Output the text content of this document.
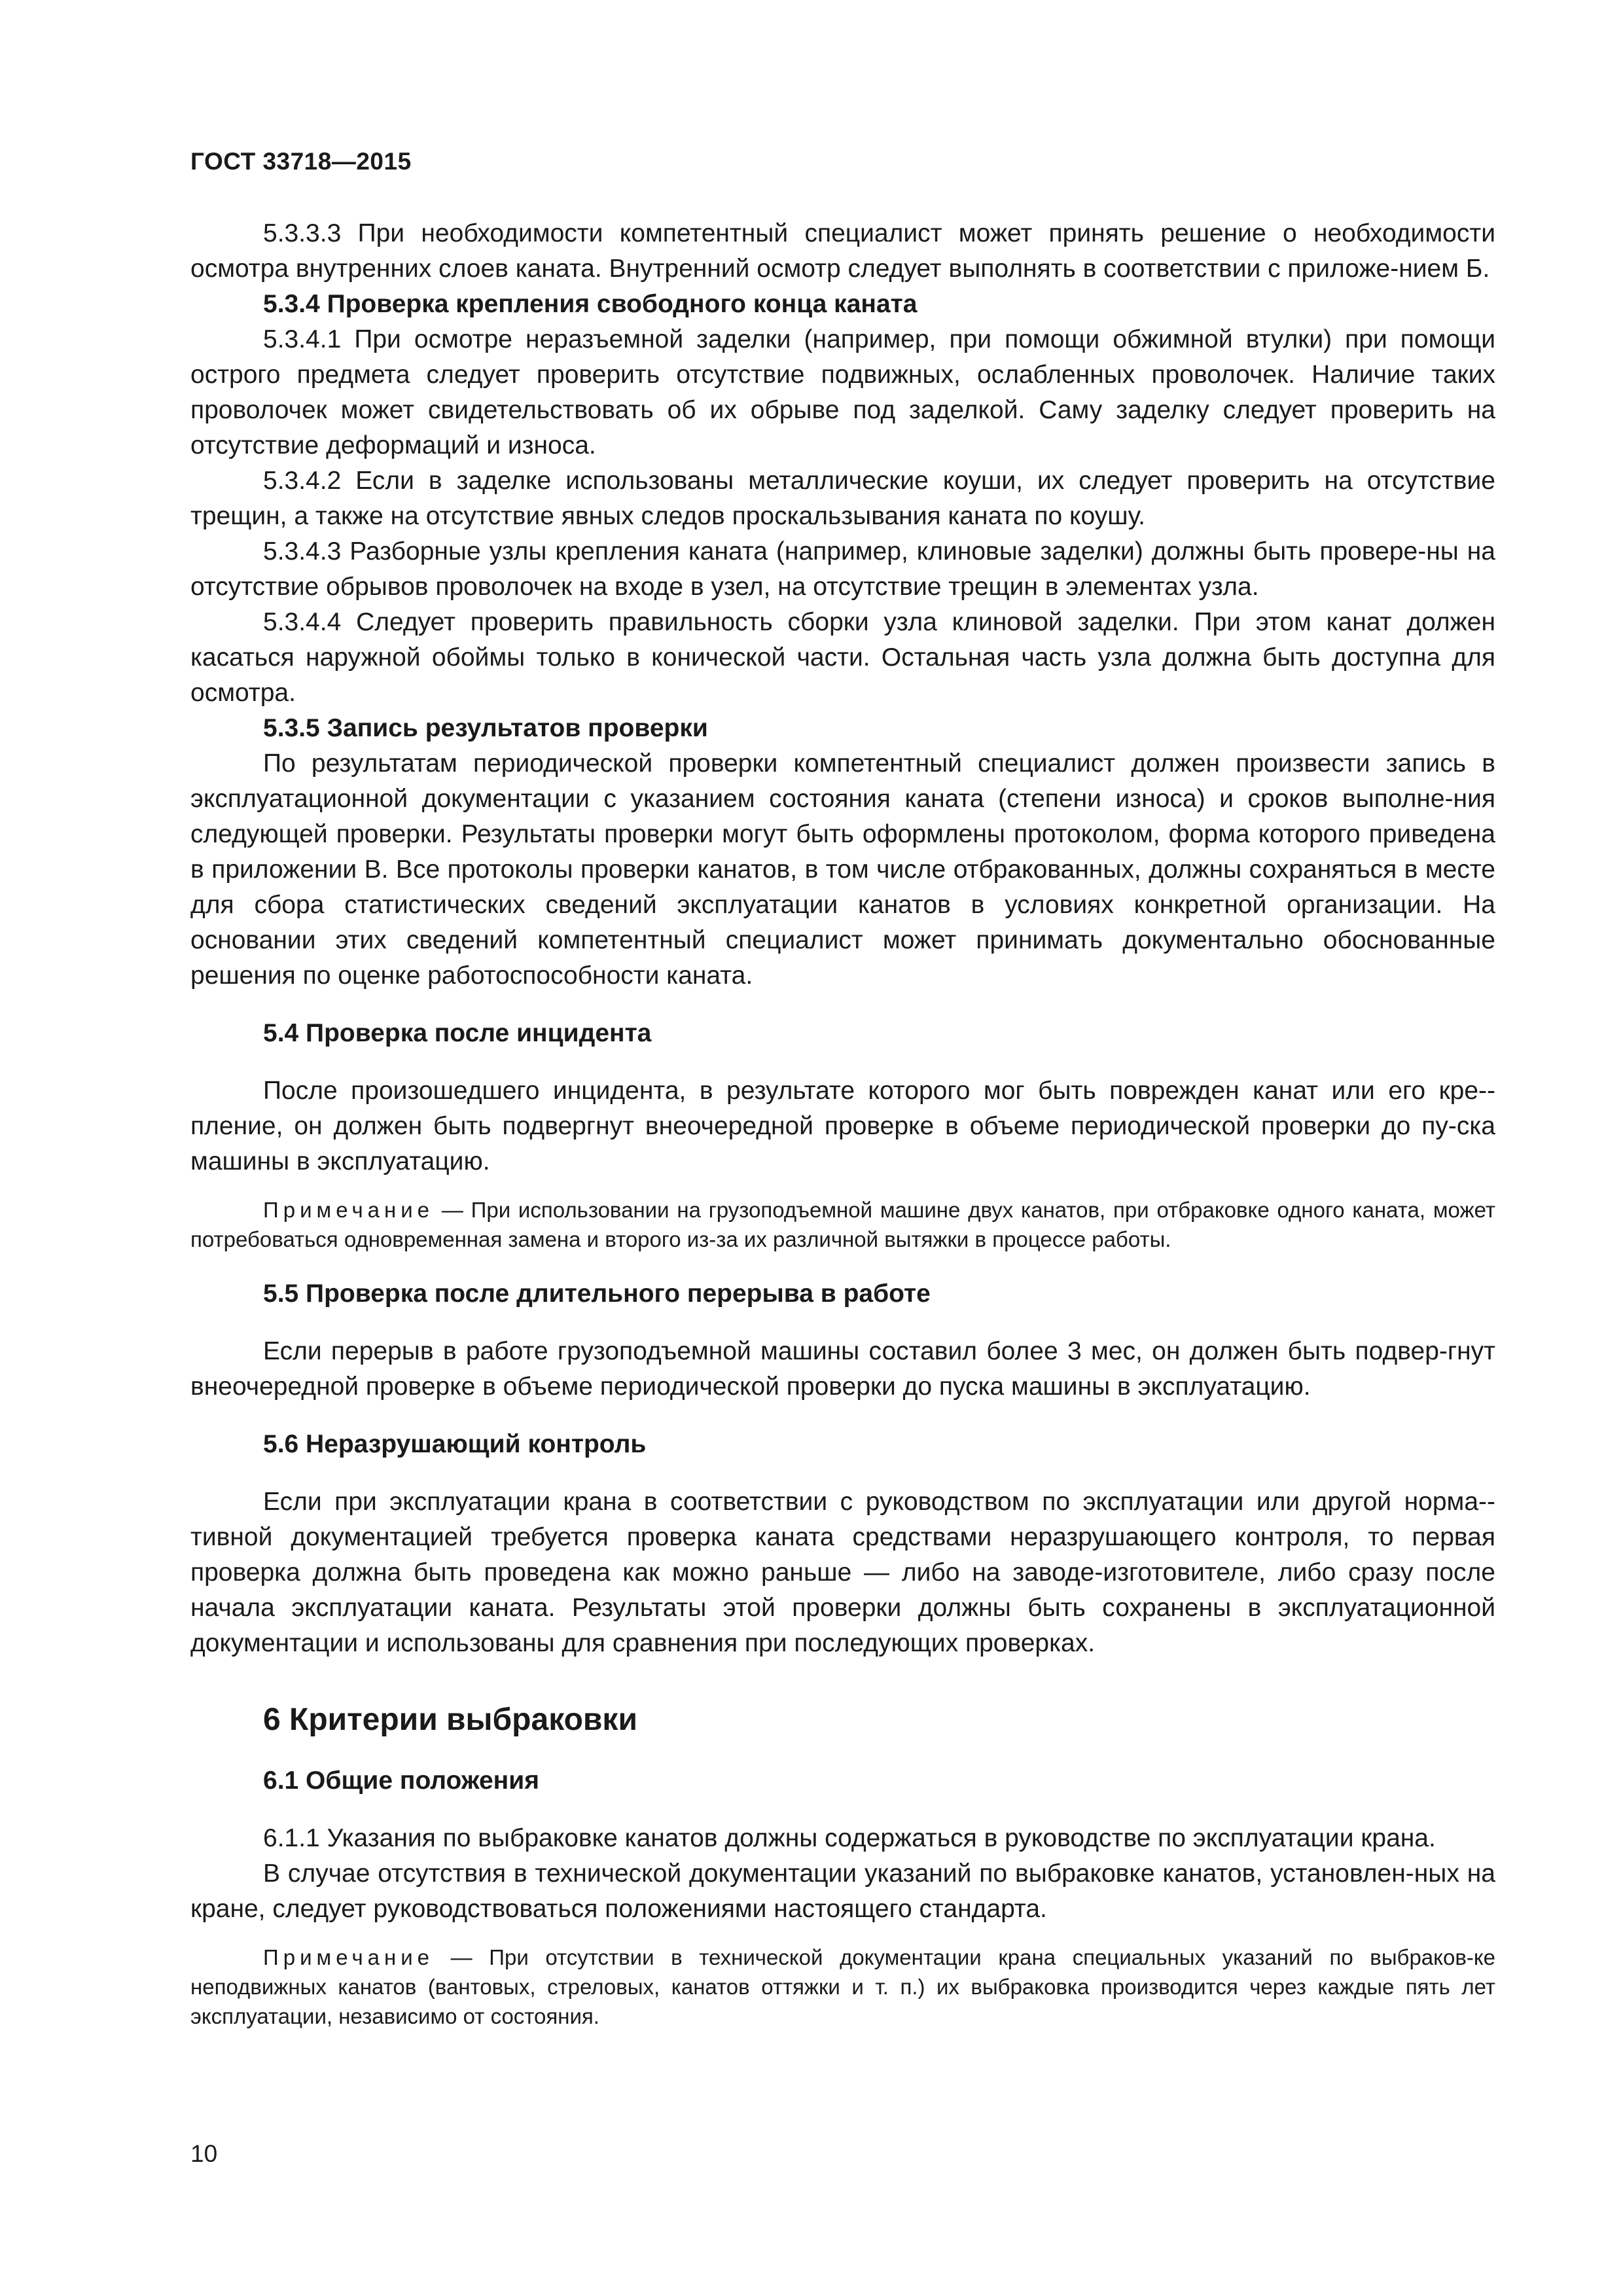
ГОСТ 33718—2015

5.3.3.3 При необходимости компетентный специалист может принять решение о необходимости осмотра внутренних слоев каната. Внутренний осмотр следует выполнять в соответствии с приложе-нием Б.

5.3.4 Проверка крепления свободного конца каната

5.3.4.1 При осмотре неразъемной заделки (например, при помощи обжимной втулки) при помощи острого предмета следует проверить отсутствие подвижных, ослабленных проволочек. Наличие таких проволочек может свидетельствовать об их обрыве под заделкой. Саму заделку следует проверить на отсутствие деформаций и износа.

5.3.4.2 Если в заделке использованы металлические коуши, их следует проверить на отсутствие трещин, а также на отсутствие явных следов проскальзывания каната по коушу.

5.3.4.3 Разборные узлы крепления каната (например, клиновые заделки) должны быть провере-ны на отсутствие обрывов проволочек на входе в узел, на отсутствие трещин в элементах узла.

5.3.4.4 Следует проверить правильность сборки узла клиновой заделки. При этом канат должен касаться наружной обоймы только в конической части. Остальная часть узла должна быть доступна для осмотра.

5.3.5 Запись результатов проверки

По результатам периодической проверки компетентный специалист должен произвести запись в эксплуатационной документации с указанием состояния каната (степени износа) и сроков выполне-ния следующей проверки. Результаты проверки могут быть оформлены протоколом, форма которого приведена в приложении В. Все протоколы проверки канатов, в том числе отбракованных, должны сохраняться в месте для сбора статистических сведений эксплуатации канатов в условиях конкретной организации. На основании этих сведений компетентный специалист может принимать документально обоснованные решения по оценке работоспособности каната.

5.4 Проверка после инцидента

После произошедшего инцидента, в результате которого мог быть поврежден канат или его кре-пление, он должен быть подвергнут внеочередной проверке в объеме периодической проверки до пу-ска машины в эксплуатацию.

Примечание — При использовании на грузоподъемной машине двух канатов, при отбраковке одного каната, может потребоваться одновременная замена и второго из-за их различной вытяжки в процессе работы.

5.5 Проверка после длительного перерыва в работе

Если перерыв в работе грузоподъемной машины составил более 3 мес, он должен быть подвер-гнут внеочередной проверке в объеме периодической проверки до пуска машины в эксплуатацию.

5.6 Неразрушающий контроль

Если при эксплуатации крана в соответствии с руководством по эксплуатации или другой норма-тивной документацией требуется проверка каната средствами неразрушающего контроля, то первая проверка должна быть проведена как можно раньше — либо на заводе-изготовителе, либо сразу после начала эксплуатации каната. Результаты этой проверки должны быть сохранены в эксплуатационной документации и использованы для сравнения при последующих проверках.

6 Критерии выбраковки
6.1 Общие положения

6.1.1 Указания по выбраковке канатов должны содержаться в руководстве по эксплуатации крана.

В случае отсутствия в технической документации указаний по выбраковке канатов, установлен-ных на кране, следует руководствоваться положениями настоящего стандарта.

Примечание — При отсутствии в технической документации крана специальных указаний по выбраков-ке неподвижных канатов (вантовых, стреловых, канатов оттяжки и т. п.) их выбраковка производится через каждые пять лет эксплуатации, независимо от состояния.

10
